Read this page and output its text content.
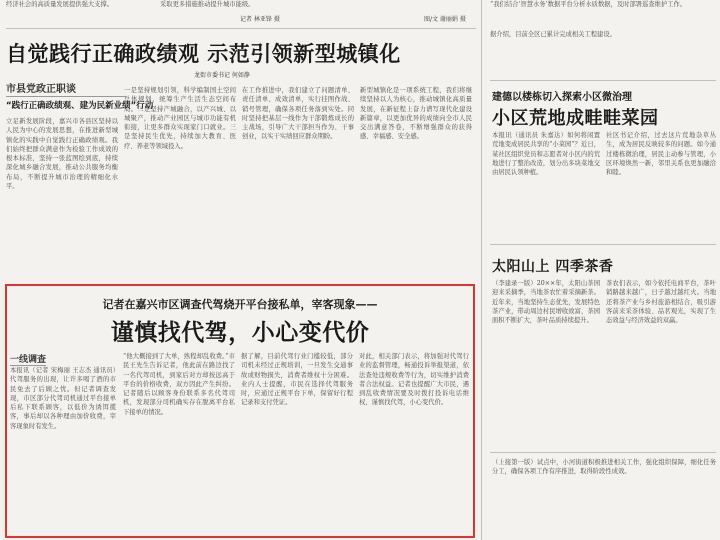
经济社会的高质量发展提供强大支撑。	采取更多措施推动提升城市能级。
记者 林亚锋 摄	图/文 谢丽娟 摄
自觉践行正确政绩观 示范引领新型城镇化
龙街市委书记 何如静
市县党政正职谈
“践行正确政绩观、建为民新业绩”行动
立足新发展阶段，嘉兴市各县区坚持以人民为中心的发展思想，在推进新型城镇化的实践中自觉践行正确政绩观。我们始终把群众满意作为检验工作成效的根本标准，坚持一张蓝图绘到底，持续深化城乡融合发展，推动公共服务均衡布局，不断提升城市治理的精细化水平。
一是坚持规划引领，科学编制国土空间总体规划，统筹生产生活生态空间布局。二是坚持产城融合，以产兴城、以城聚产，推动产业园区与城市功能有机衔接，让更多群众实现家门口就业。三是坚持民生优先，持续加大教育、医疗、养老等领域投入。
在工作推进中，我们建立了问题清单、责任清单、成效清单，实行挂图作战、销号管理，确保各项任务落到实处。同时坚持把基层一线作为干部锻炼成长的主战场，引导广大干部担当作为、干事创业，以实干实绩回应群众期盼。
新型城镇化是一项系统工程，我们将继续坚持以人为核心，推动城镇化高质量发展，在新征程上奋力谱写现代化建设新篇章，以更加优异的成绩向全市人民交出满意答卷，不断增强群众的获得感、幸福感、安全感。
“我们结合‘智慧水务’数据平台分析水质数据，及时部署巡查维护工作。
据介绍，目前全区已累计完成相关工程建设。
建德以楼栋切入探索小区微治理
小区荒地成畦畦菜园
本报讯（通讯员 朱嘉达）如何将闲置荒地变成居民共享的“小菜园”？近日，某社区组织党员和志愿者对小区内的荒地进行了整治改造，划分出多块菜地交由居民认领种植。
社区书记介绍，过去这片荒地杂草丛生，成为居民反映较多的问题。如今通过楼栋微治理，居民主动参与管理，小区环境焕然一新，邻里关系也更加融洽和睦。
太阳山上 四季茶香
（李建录一版）20××年，太阳山茶园迎来采摘季，当地茶农忙着采摘新茶。近年来，当地坚持生态优先，发展特色茶产业，带动周边村民增收致富，茶园面积不断扩大，茶叶品质持续提升。
茶农们表示，如今依托电商平台，茶叶销路越来越广，日子越过越红火。当地还将茶产业与乡村旅游相结合，吸引游客前来采茶体验、品茗观光，实现了生态效益与经济效益的双赢。
（上接第一版）试点中，小河街道积极推进相关工作，强化组织保障，细化任务分工，确保各项工作有序推进，取得阶段性成效。
记者在嘉兴市区调查代驾烧开平台接私单，宰客现象——
谨慎找代驾，小心变代价
一线调查
本报讯（记者 宋梅丽 王志杰 通讯员）代驾服务的出现，让许多喝了酒的市民免去了后顾之忧。但记者调查发现，市区部分代驾司机通过平台接单后私下联系顾客，以低价为诱饵揽客，事后却以各种理由加价收费，宰客现象时有发生。
“他大概接到了大单，熟程却乱收费。”市民王先生告诉记者，他此前在路边找了一名代驾司机，到家后对方却按远高于平台的价格收费，双方因此产生纠纷。记者随后以顾客身份联系多名代驾司机，发现部分司机确实存在脱离平台私下接单的情况。
据了解，目前代驾行业门槛较低，部分司机未经过正规培训，一旦发生交通事故或财物损失，消费者维权十分困难。业内人士提醒，市民在选择代驾服务时，应通过正规平台下单，保留好行程记录和支付凭证。
对此，相关部门表示，将加强对代驾行业的监督管理，畅通投诉举报渠道，依法查处违规收费等行为，切实维护消费者合法权益。记者也提醒广大市民，遇到乱收费情况要及时拨打投诉电话维权，谨慎找代驾，小心变代价。
